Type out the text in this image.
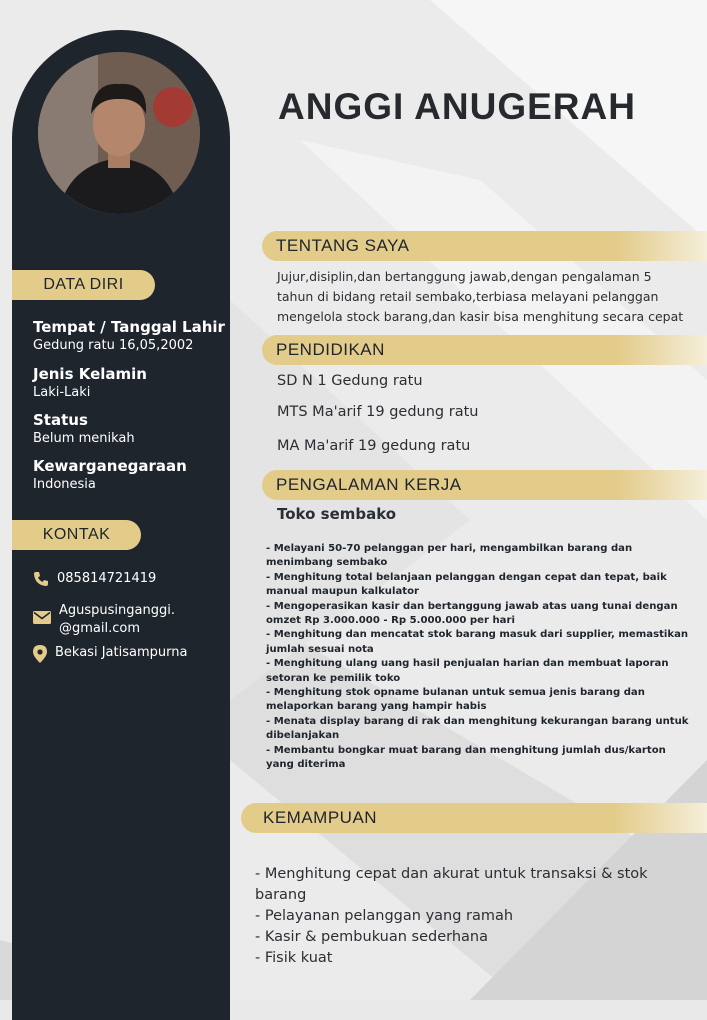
ANGGI ANUGERAH
DATA DIRI

Tempat / Tanggal Lahir

Gedung ratu 16,05,2002

Jenis Kelamin

Laki-Laki

Status

Belum menikah

Kewarganegaraan

Indonesia

KONTAK
085814721419
Aguspusinganggi.
@gmail.com
Bekasi Jatisampurna
TENTANG SAYA

Jujur,disiplin,dan bertanggung jawab,dengan pengalaman 5 tahun di bidang retail sembako,terbiasa melayani pelanggan mengelola stock barang,dan kasir bisa menghitung secara cepat

PENDIDIKAN

SD N 1 Gedung ratu

MTS Ma'arif 19 gedung ratu

MA Ma'arif 19 gedung ratu

PENGALAMAN KERJA

Toko sembako

- Melayani 50-70 pelanggan per hari, mengambilkan barang dan menimbang sembako
- Menghitung total belanjaan pelanggan dengan cepat dan tepat, baik manual maupun kalkulator
- Mengoperasikan kasir dan bertanggung jawab atas uang tunai dengan omzet Rp 3.000.000 - Rp 5.000.000 per hari
- Menghitung dan mencatat stok barang masuk dari supplier, memastikan jumlah sesuai nota
- Menghitung ulang uang hasil penjualan harian dan membuat laporan setoran ke pemilik toko
- Menghitung stok opname bulanan untuk semua jenis barang dan melaporkan barang yang hampir habis
- Menata display barang di rak dan menghitung kekurangan barang untuk dibelanjakan
- Membantu bongkar muat barang dan menghitung jumlah dus/karton yang diterima
KEMAMPUAN
- Menghitung cepat dan akurat untuk transaksi & stok barang
- Pelayanan pelanggan yang ramah
- Kasir & pembukuan sederhana
- Fisik kuat
